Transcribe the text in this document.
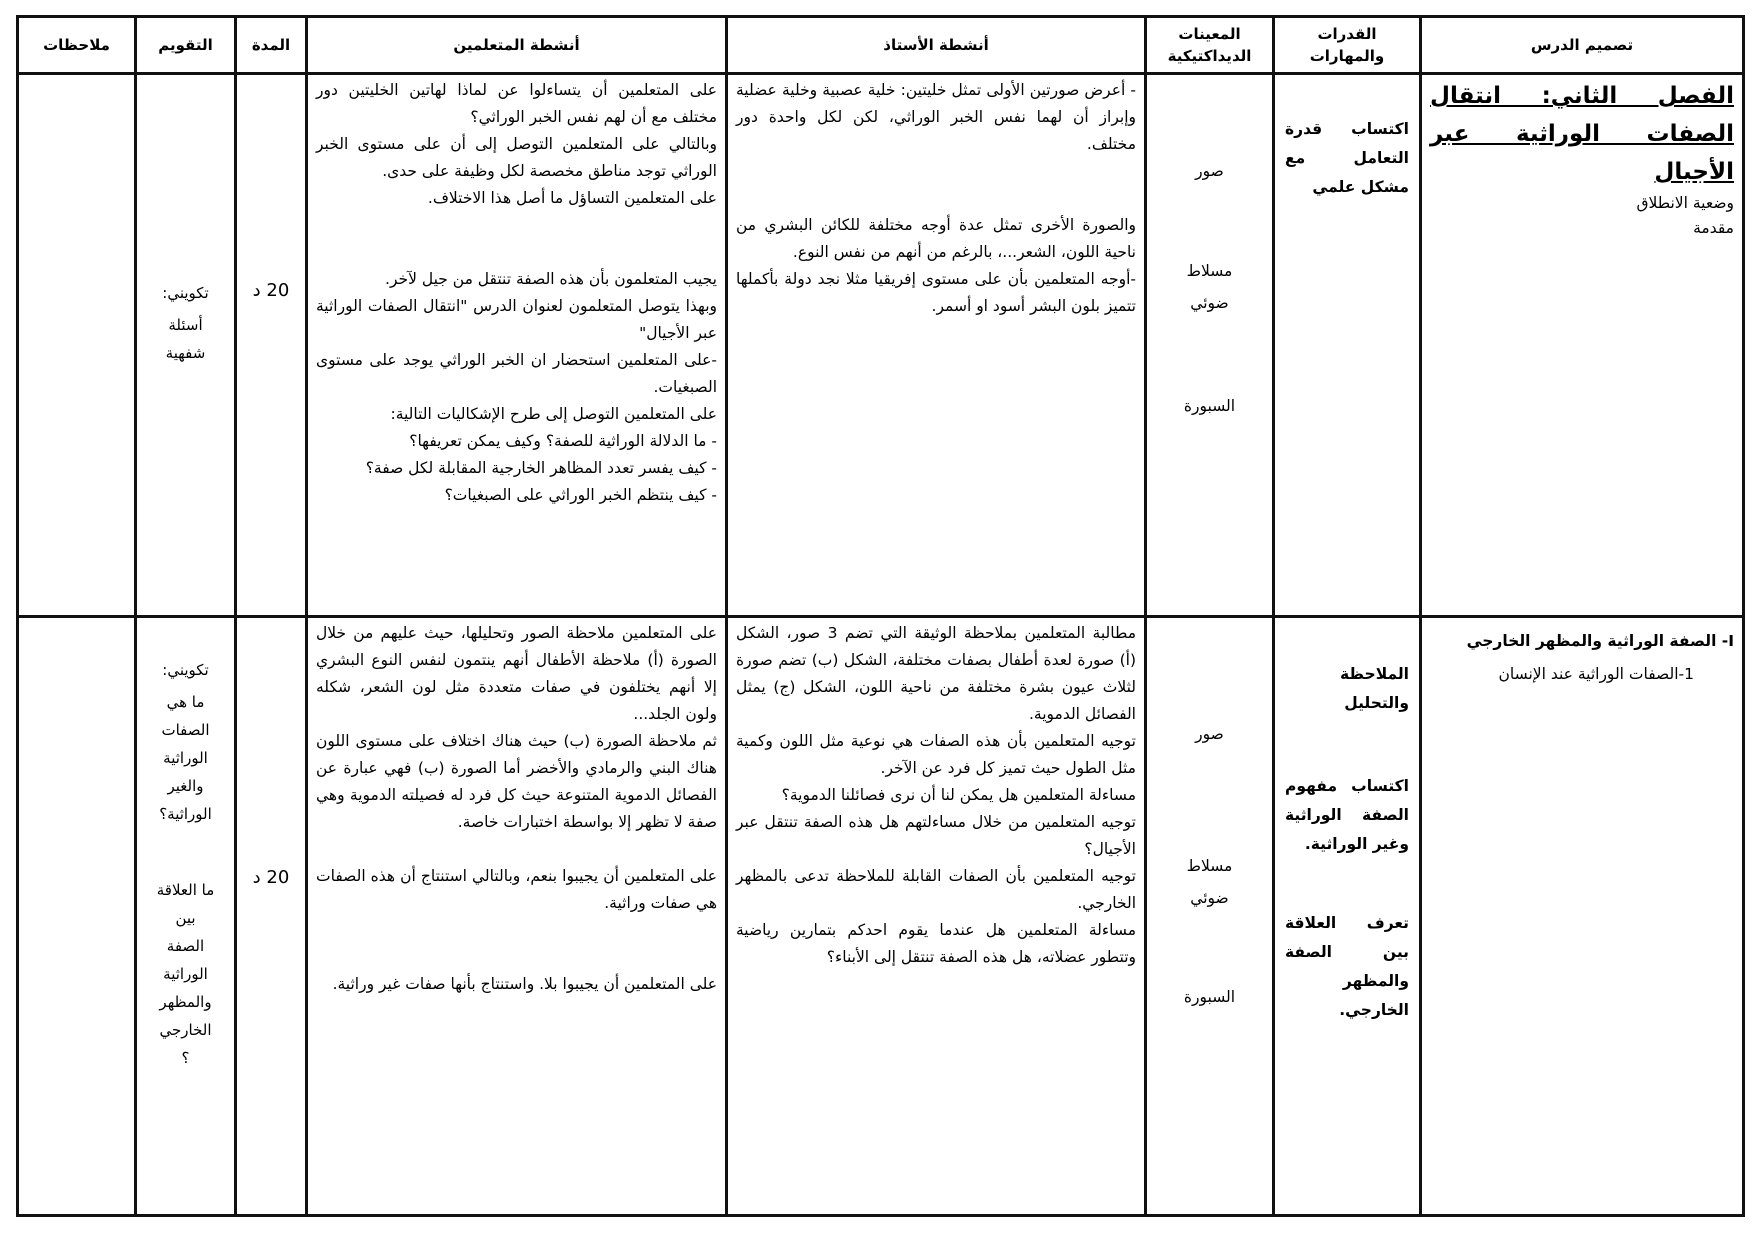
تصميم الدرس
القدرات والمهارات
المعينات الديداكتيكية
أنشطة الأستاذ
أنشطة المتعلمين
المدة
التقويم
ملاحظات
الفصل الثاني: انتقال الصفات الوراثية عبر الأجيال
وضعية الانطلاق
مقدمة

اكتساب قدرة التعامل مع مشكل علمي

صور
مسلاط ضوئي
السبورة

- أعرض صورتين الأولى تمثل خليتين: خلية عصبية وخلية عضلية وإبراز أن لهما نفس الخبر الوراثي، لكن لكل واحدة دور مختلف.

والصورة الأخرى تمثل عدة أوجه مختلفة للكائن البشري من ناحية اللون، الشعر...، بالرغم من أنهم من نفس النوع.

-أوجه المتعلمين بأن على مستوى إفريقيا مثلا نجد دولة بأكملها تتميز بلون البشر أسود او أسمر.

على المتعلمين أن يتساءلوا عن لماذا لهاتين الخليتين دور مختلف مع أن لهم نفس الخبر الوراثي؟

وبالتالي على المتعلمين التوصل إلى أن على مستوى الخبر الوراثي توجد مناطق مخصصة لكل وظيفة على حدى.

على المتعلمين التساؤل ما أصل هذا الاختلاف.

يجيب المتعلمون بأن هذه الصفة تنتقل من جيل لآخر.

وبهذا يتوصل المتعلمون لعنوان الدرس "انتقال الصفات الوراثية عبر الأجيال"

-على المتعلمين استحضار ان الخبر الوراثي يوجد على مستوى الصبغيات.

على المتعلمين التوصل إلى طرح الإشكاليات التالية:

- ما الدلالة الوراثية للصفة؟ وكيف يمكن تعريفها؟

- كيف يفسر تعدد المظاهر الخارجية المقابلة لكل صفة؟

- كيف ينتظم الخبر الوراثي على الصبغيات؟

20 د

تكويني:

أسئلة شفهية

I- الصفة الوراثية والمظهر الخارجي
1-الصفات الوراثية عند الإنسان

الملاحظة والتحليل

اكتساب مفهوم الصفة الوراثية وغير الوراثية.

تعرف العلاقة بين الصفة والمظهر الخارجي.

صور
مسلاط ضوئي
السبورة

مطالبة المتعلمين بملاحظة الوثيقة التي تضم 3 صور، الشكل (أ) صورة لعدة أطفال بصفات مختلفة، الشكل (ب) تضم صورة لثلاث عيون بشرة مختلفة من ناحية اللون، الشكل (ج) يمثل الفصائل الدموية.

توجيه المتعلمين بأن هذه الصفات هي نوعية مثل اللون وكمية مثل الطول حيث تميز كل فرد عن الآخر.

مساءلة المتعلمين هل يمكن لنا أن نرى فصائلنا الدموية؟

توجيه المتعلمين من خلال مساءلتهم هل هذه الصفة تنتقل عبر الأجيال؟

توجيه المتعلمين بأن الصفات القابلة للملاحظة تدعى بالمظهر الخارجي.

مساءلة المتعلمين هل عندما يقوم احدكم بتمارين رياضية وتتطور عضلاته، هل هذه الصفة تنتقل إلى الأبناء؟

على المتعلمين ملاحظة الصور وتحليلها، حيث عليهم من خلال الصورة (أ) ملاحظة الأطفال أنهم ينتمون لنفس النوع البشري إلا أنهم يختلفون في صفات متعددة مثل لون الشعر، شكله ولون الجلد...

ثم ملاحظة الصورة (ب) حيث هناك اختلاف على مستوى اللون هناك البني والرمادي والأخضر أما الصورة (ب) فهي عبارة عن الفصائل الدموية المتنوعة حيث كل فرد له فصيلته الدموية وهي صفة لا تظهر إلا بواسطة اختبارات خاصة.

على المتعلمين أن يجيبوا بنعم، وبالتالي استنتاج أن هذه الصفات هي صفات وراثية.

على المتعلمين أن يجيبوا بلا. واستنتاج بأنها صفات غير وراثية.

20 د

تكويني:

ما هي الصفات الوراثية والغير الوراثية؟

ما العلاقة بين الصفة الوراثية والمظهر الخارجي ؟
